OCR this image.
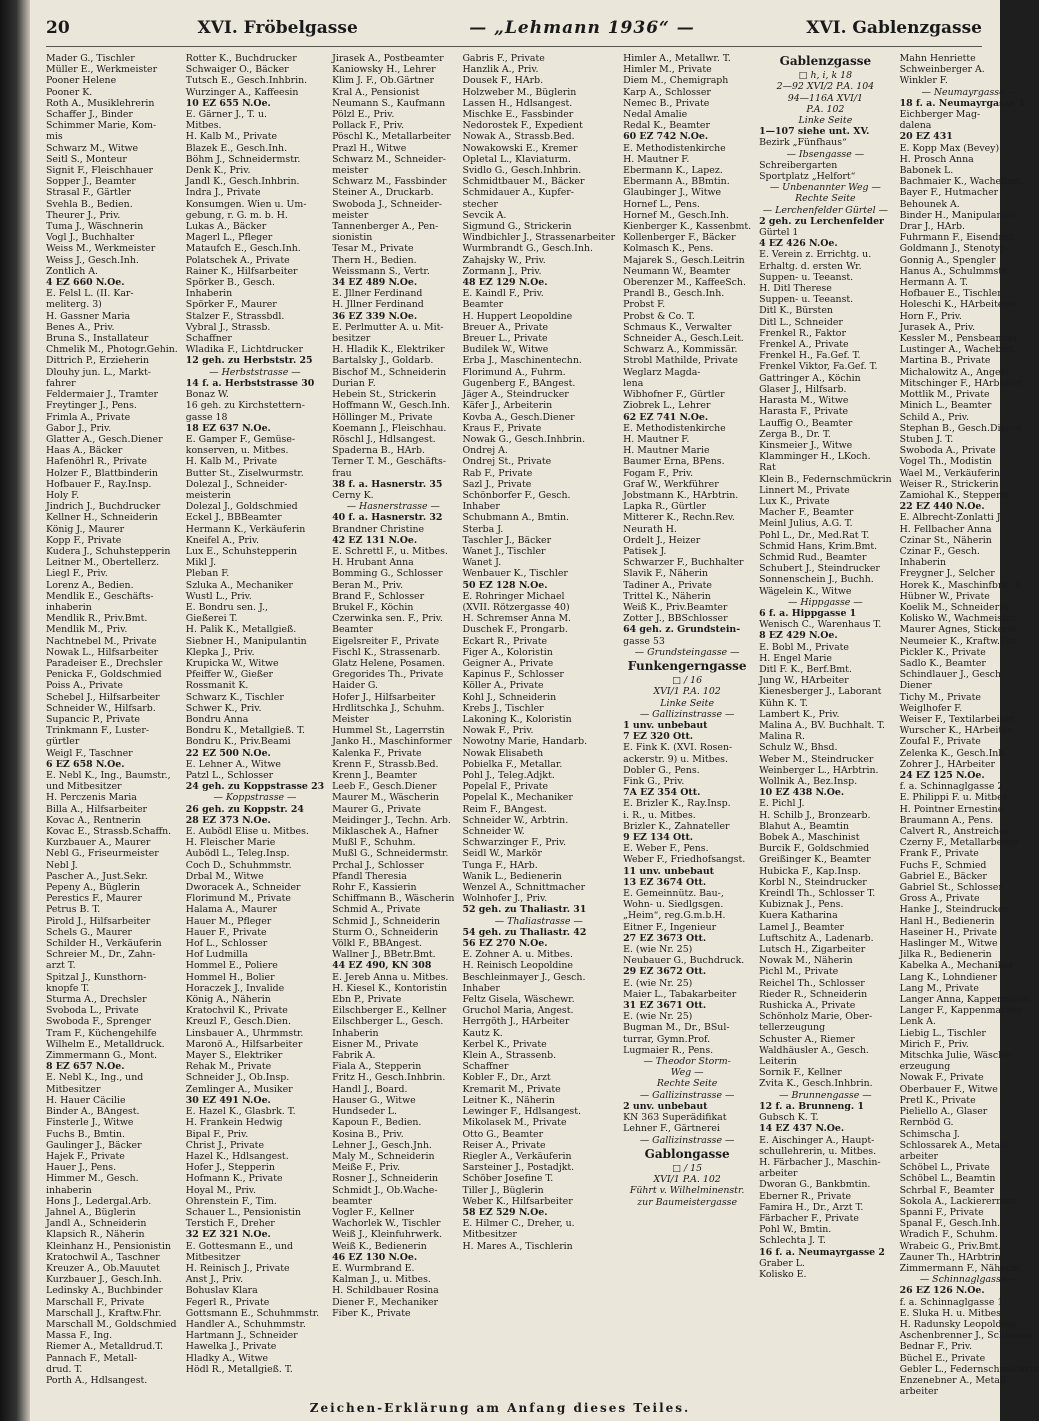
20	XVI. Fröbelgasse	— „Lehmann 1936“ —	XVI. Gablenzgasse
Mader G., Tischler
Müller E., Werkmeister
Pooner Helene
Pooner K.
Roth A., Musiklehrerin
Schaffer J., Binder
Schimmer Marie, Kom-
mis
Schwarz M., Witwe
Seitl S., Monteur
Signit F., Fleischhauer
Sopper J., Beamter
Strasal F., Gärtler
Svehla B., Bedien.
Theurer J., Priv.
Tuma J., Wäschnerin
Vogl J., Buchhalter
Weiss M., Werkmeister
Weiss J., Gesch.Inh.
Zontlich A.
4 EZ 660 N.Oe.
E. Felsl L. (II. Kar-
meliterg. 3)
H. Gassner Maria
Benes A., Priv.
Bruna S., Installateur
Chmelik M., Photogr.Gehin.
Dittrich P., Erzieherin
Dlouhy jun. L., Markt-
fahrer
Feldermaier J., Tramter
Freytinger J., Pens.
Frimla A., Private
Gabor J., Priv.
Glatter A., Gesch.Diener
Haas A., Bäcker
Hafenöhrl R., Private
Holzer F., Blattbinderin
Hofbauer F., Ray.Insp.
Holy F.
Jindrich J., Buchdrucker
Kellner H., Schneiderin
König J., Maurer
Kopp F., Private
Kudera J., Schuhstepperin
Leitner M., Obertellerz.
Liegl F., Priv.
Lorenz A., Bedien.
Mendlik E., Geschäfts-
inhaberin
Mendlik R., Priv.Bmt.
Mendlik M., Priv.
Nachtnebel M., Private
Nowak L., Hilfsarbeiter
Paradeiser E., Drechsler
Penicka F., Goldschmied
Poiss A., Private
Schebel J., Hilfsarbeiter
Schneider W., Hilfsarb.
Supancic P., Private
Trinkmann F., Luster-
gürtler
Weigl F., Taschner
6 EZ 658 N.Oe.
E. Nebl K., Ing., Baumstr.,
und Mitbesitzer
H. Perczenis Maria
Billa A., Hilfsarbeiter
Kovac A., Rentnerin
Kovac E., Strassb.Schaffn.
Kurzbauer A., Maurer
Nebl G., Friseurmeister
Nebl J.
Pascher A., Just.Sekr.
Pepeny A., Büglerin
Perestics F., Maurer
Petrus B. T.
Pirold J., Hilfsarbeiter
Schels G., Maurer
Schilder H., Verkäuferin
Schreier M., Dr., Zahn-
arzt T.
Spitzal J., Kunsthorn-
knopfe T.
Sturma A., Drechsler
Svoboda L., Private
Swoboda F., Sprenger
Tram F., Küchengehilfe
Wilhelm E., Metalldruck.
Zimmermann G., Mont.
8 EZ 657 N.Oe.
E. Nebl K., Ing., und
Mitbesitzer
H. Hauer Cäcilie
Binder A., BAngest.
Finsterle J., Witwe
Fuchs B., Bmtin.
Gaulinger J., Bäcker
Hajek F., Private
Hauer J., Pens.
Himmer M., Gesch.
inhaberin
Hons J., Ledergal.Arb.
Jahnel A., Büglerin
Jandl A., Schneiderin
Klapsich R., Näherin
Kleinhanz H., Pensionistin
Kratochwil A., Taschner
Kreuzer A., Ob.Mauutet
Kurzbauer J., Gesch.Inh.
Ledinsky A., Buchbinder
Marschall F., Private
Marschall J., Kraftw.Fhr.
Marschall M., Goldschmied
Massa F., Ing.
Riemer A., Metalldrud.T.
Pannach F., Metall-
drud. T.
Porth A., Hdlsangest.
Rotter K., Buchdrucker
Schwaiger O., Bäcker
Tutsch E., Gesch.Inhbrin.
Wurzinger A., Kaffeesin
10 EZ 655 N.Oe.
E. Gärner J., T. u.
Mitbes.
H. Kalb M., Private
Blazek E., Gesch.Inh.
Böhm J., Schneidermstr.
Denk K., Priv.
Jandl K., Gesch.Inhbrin.
Indra J., Private
Konsumgen. Wien u. Um-
gebung, r. G. m. b. H.
Lukas A., Bäcker
Magerl L., Pfleger
Mataufch E., Gesch.Inh.
Polatschek A., Private
Rainer K., Hilfsarbeiter
Spörker B., Gesch.
Inhaberin
Spörker F., Maurer
Stalzer F., Strassbdl.
Vybral J., Strassb.
Schaffner
Wladika F., Lichtdrucker
12 geh. zu Herbststr. 25
— Herbststrasse —
14 f. a. Herbststrasse 30
Bonaz W.
16 geh. zu Kirchstettern-
gasse 18
18 EZ 637 N.Oe.
E. Gamper F., Gemüse-
konserven, u. Mitbes.
H. Kalb M., Private
Butter St., Ziselwurmstr.
Dolezal J., Schneider-
meisterin
Dolezal J., Goldschmied
Eckel J., BBBeamter
Hermann K., Verkäuferin
Kneifel A., Priv.
Lux E., Schuhstepperin
Mikl J.
Pleban F.
Szluka A., Mechaniker
Wustl L., Priv.
E. Bondru sen. J.,
Gießerei T.
H. Palik K., Metallgieß.
Siebner H., Manipulantin
Klepka J., Priv.
Krupicka W., Witwe
Pfeiffer W., Gießer
Rossmanit K.
Schwarz K., Tischler
Schwer K., Priv.
Bondru Anna
Bondru K., Metallgieß. T.
Bondru K., Priv.Beami
22 EZ 500 N.Oe.
E. Lehner A., Witwe
Patzl L., Schlosser
24 geh. zu Koppstrasse 23
— Koppstrasse —
26 geh. zu Koppstr. 24
28 EZ 373 N.Oe.
E. Aubödl Elise u. Mitbes.
H. Fleischer Marie
Aubödl L., Teleg.Insp.
Coch D., Schuhmmstr.
Drbal M., Witwe
Dworacek A., Schneider
Florimund M., Private
Halama A., Maurer
Hauer M., Pfleger
Hauer F., Private
Hof L., Schlosser
Hof Ludmilla
Hommel E., Poliere
Hommel H., Bolier
Horaczek J., Invalide
König A., Näherin
Kratochvil K., Private
Kreuzl F., Gesch.Dien.
Linsbauer A., Uhrmmstr.
Maronö A., Hilfsarbeiter
Mayer S., Elektriker
Rehak M., Private
Schneider J., Ob.Insp.
Zemlinger A., Musiker
30 EZ 491 N.Oe.
E. Hazel K., Glasbrk. T.
H. Frankein Hedwig
Bipal F., Priv.
Christ J., Private
Hazel K., Hdlsangest.
Hofer J., Stepperin
Hofmann K., Private
Hoyal M., Priv.
Ohrenstein F., Tim.
Schauer L., Pensionistin
Terstich F., Dreher
32 EZ 321 N.Oe.
E. Gottesmann E., und
Mitbesitzer
H. Reinisch J., Private
Anst J., Priv.
Bohuslav Klara
Fegerl R., Private
Gottsmann E., Schuhmmstr.
Handler A., Schuhmmstr.
Hartmann J., Schneider
Hawelka J., Private
Hladky A., Witwe
Hödl R., Metallgieß. T.
Jirasek A., Postbeamter
Kaniowsky H., Lehrer
Klim J. F., Ob.Gärtner
Kral A., Pensionist
Neumann S., Kaufmann
Pölzl E., Priv.
Pollack F., Priv.
Pöschl K., Metallarbeiter
Prazl H., Witwe
Schwarz M., Schneider-
meister
Schwarz M., Fassbinder
Steiner A., Druckarb.
Swoboda J., Schneider-
meister
Tannenberger A., Pen-
sionistin
Tesar M., Private
Thern H., Bedien.
Weissmann S., Vertr.
34 EZ 489 N.Oe.
E. Jllner Ferdinand
H. Jllner Ferdinand
36 EZ 339 N.Oe.
E. Perlmutter A. u. Mit-
besitzer
H. Hladik K., Elektriker
Bartalsky J., Goldarb.
Bischof M., Schneiderin
Durian F.
Hebein St., Strickerin
Hoffmann W., Gesch.Inh.
Höllinger M., Private
Koemann J., Fleischhau.
Röschl J., Hdlsangest.
Spaderna B., HArb.
Terner T. M., Geschäfts-
frau
38 f. a. Hasnerstr. 35
Cerny K.
— Hasnerstrasse —
40 f. a. Hasnerstr. 32
Brandner Christine
42 EZ 131 N.Oe.
E. Schrettl F., u. Mitbes.
H. Hrubant Anna
Bomming G., Schlosser
Beran M., Priv.
Brand F., Schlosser
Brukel F., Köchin
Czerwinka sen. F., Priv.
Beamter
Eigelsreiter F., Private
Fischl K., Strassenarb.
Glatz Helene, Posamen.
Gregorides Th., Private
Haider G.
Hofer J., Hilfsarbeiter
Hrdlitschka J., Schuhm.
Meister
Hummel St., Lagerrstin
Janko H., Maschinformer
Kalenka F., Private
Krenn F., Strassb.Bed.
Krenn J., Beamter
Leeb F., Gesch.Diener
Maurer M., Wäscherin
Maurer G., Private
Meidinger J., Techn. Arb.
Miklaschek A., Hafner
Mußl F., Schuhm.
Mußl G., Schneidermstr.
Prchal J., Schlosser
Pfandl Theresia
Rohr F., Kassierin
Schiffmann B., Wäscherin
Schmid A., Private
Schmid J., Schneiderin
Sturm O., Schneiderin
Völkl F., BBAngest.
Wallner J., BBetr.Bmt.
44 EZ 490, KN 308
E. Jereb Anna u. Mitbes.
H. Kiesel K., Kontoristin
Ebn P., Private
Eilschberger E., Kellner
Eilschberger L., Gesch.
Inhaberin
Eisner M., Private
Fabrik A.
Fiala A., Stepperin
Fritz H., Gesch.Inhbrin.
Handl J., Board.
Hauser G., Witwe
Hundseder L.
Kapoun F., Bedien.
Kosina B., Priv.
Lehner J., Gesch.Jnh.
Maly M., Schneiderin
Meiße F., Priv.
Rosner J., Schneiderin
Schmidt J., Ob.Wache-
beamter
Vogler F., Kellner
Wachorlek W., Tischler
Weiß J., Kleinfuhrwerk.
Weiß K., Bedienerin
46 EZ 130 N.Oe.
E. Wurmbrand E.
Kalman J., u. Mitbes.
H. Schildbauer Rosina
Diener F., Mechaniker
Fiber K., Private
Gabris F., Private
Hanzlik A., Priv.
Dousek F., HArb.
Holzweber M., Büglerin
Lassen H., Hdlsangest.
Mischke E., Fassbinder
Nedorostek F., Expedient
Nowak A., Strassb.Bed.
Nowakowski E., Kremer
Opletal L., Klaviaturm.
Svidlo G., Gesch.Inhbrin.
Schmidtbauer M., Bäcker
Schmidauer A., Kupfer-
stecher
Sevcik A.
Sigmund G., Strickerin
Windbichler J., Strassenarbeiter
Wurmbrandt G., Gesch.Inh.
Zahajsky W., Priv.
Zormann J., Priv.
48 EZ 129 N.Oe.
E. Kaindl F., Priv.
Beamter
H. Huppert Leopoldine
Breuer A., Private
Breuer L., Private
Budilek W., Witwe
Erba J., Maschinentechn.
Florimund A., Fuhrm.
Gugenberg F., BAngest.
Jäger A., Steindrucker
Käfer J., Arbeiterin
Kovba A., Gesch.Diener
Kraus F., Private
Nowak G., Gesch.Inhbrin.
Ondrej A.
Ondrej St., Private
Rab F., Private
Sazl J., Private
Schönborfer F., Gesch.
Inhaber
Schubmann A., Bmtin.
Sterba J.
Taschler J., Bäcker
Wanet J., Tischler
Wanet J.
Wenbauer K., Tischler
50 EZ 128 N.Oe.
E. Rohringer Michael
(XVII. Rötzergasse 40)
H. Schremser Anna M.
Duschek F., Prongarb.
Eckart R., Private
Figer A., Koloristin
Geigner A., Private
Kapinus F., Schlosser
Köller A., Private
Kohl J., Schneiderin
Krebs J., Tischler
Lakoning K., Koloristin
Nowak F., Priv.
Nowotny Marie, Handarb.
Nowak Elisabeth
Pobielka F., Metallar.
Pohl J., Teleg.Adjkt.
Popelal F., Private
Popelal K., Mechaniker
Reim F., BAngest.
Schneider W., Arbtrin.
Schneider W.
Schwarzinger F., Priv.
Seidl W., Markör
Tunga F., HArb.
Wanik L., Bedienerin
Wenzel A., Schnittmacher
Wolnhofer J., Priv.
52 geh. zu Thaliastr. 31
— Thaliastrasse —
54 geh. zu Thaliastr. 42
56 EZ 270 N.Oe.
E. Zohner A. u. Mitbes.
H. Reinisch Leopoldine
Beschleinmayer J., Gesch.
Inhaber
Feltz Gisela, Wäschewr.
Gruchol Maria, Angest.
Herrgöth J., HArbeiter
Kautz K.
Kerbel K., Private
Klein A., Strassenb.
Schaffner
Kobler F., Dr., Arzt
Kremarit M., Private
Leitner K., Näherin
Lewinger F., Hdlsangest.
Mikolasek M., Private
Otto G., Beamter
Reiser A., Private
Riegler A., Verkäuferin
Sarsteiner J., Postadjkt.
Schöber Josefine T.
Tiller J., Büglerin
Weber K., Hilfsarbeiter
58 EZ 529 N.Oe.
E. Hilmer C., Dreher, u.
Mitbesitzer
H. Mares A., Tischlerin
Himler A., Metallwr. T.
Himler M., Private
Diem M., Chemigraph
Karp A., Schlosser
Nemec B., Private
Nedal Amalie
Redal K., Beamter
60 EZ 742 N.Oe.
E. Methodistenkirche
H. Mautner F.
Ebermann K., Lapez.
Ebermann A., BBmtin.
Glaubinger J., Witwe
Hornef L., Pens.
Hornef M., Gesch.Inh.
Kienberger K., Kassenbmt.
Kollenberger F., Bäcker
Kolmasch K., Pens.
Majarek S., Gesch.Leitrin
Neumann W., Beamter
Oberenzer M., KaffeeSch.
Prandl B., Gesch.Inh.
Probst F.
Probst & Co. T.
Schmaus K., Verwalter
Schneider A., Gesch.Leit.
Schwarz A., Kommissär.
Strobl Mathilde, Private
Weglarz Magda-
lena
Wibhofner F., Gürtler
Ziobrek L., Lehrer
62 EZ 741 N.Oe.
E. Methodistenkirche
H. Mautner F.
H. Mautner Marie
Baumer Erna, BPens.
Fogam F., Priv.
Graf W., Werkführer
Jobstmann K., HArbtrin.
Lapka R., Gürtler
Mitterer K., Rechn.Rev.
Neurath H.
Ordelt J., Heizer
Patisek J.
Schwarzer F., Buchhalter
Slavik F., Näherin
Tadiner A., Private
Trittel K., Näherin
Weiß K., Priv.Beamter
Zotter J., BBSchlosser
64 geh. z. Grundstein-
gasse 53
— Grundsteingasse —
Funkengerngasse
□ / 16
XVI/1 P.A. 102
Linke Seite
— Gallizinstrasse —
1 unv. unbebaut
7 EZ 320 Ott.
E. Fink K. (XVI. Rosen-
ackerstr. 9) u. Mitbes.
Dobler G., Pens.
Fink G., Priv.
7A EZ 354 Ott.
E. Brizler K., Ray.Insp.
i. R., u. Mitbes.
Brizler K., Zahnateller
9 EZ 134 Ott.
E. Weber F., Pens.
Weber F., Friedhofsangst.
11 unv. unbebaut
13 EZ 3674 Ott.
E. Gemeinnütz. Bau-,
Wohn- u. Siedlgsgen.
„Heim“, reg.G.m.b.H.
Eitner F., Ingenieur
27 EZ 3673 Ott.
E. (wie Nr. 25)
Neubauer G., Buchdruck.
29 EZ 3672 Ott.
E. (wie Nr. 25)
Maier L., Tabakarbeiter
31 EZ 3671 Ott.
E. (wie Nr. 25)
Bugman M., Dr., BSul-
turrar, Gymn.Prof.
Lugmaier R., Pens.
— Theodor Storm-
Weg —
Rechte Seite
— Gallizinstrasse —
2 unv. unbebaut
KN 363 Superädifikat
Lehner F., Gärtnerei
— Gallizinstrasse —
Gablongasse
□ / 15
XVI/1 P.A. 102
Führt v. Wilhelminenstr.
zur Baumeistergasse
Gablenzgasse
□ h, i, k 18
2—92 XVI/2 P.A. 104
94—116A XVI/1
P.A. 102
Linke Seite
1—107 siehe unt. XV.
Bezirk „Fünfhaus“
— Ibsengasse —
Schreibergarten
Sportplatz „Helfort“
— Unbenannter Weg —
Rechte Seite
— Lerchenfelder Gürtel —
2 geh. zu Lerchenfelder
Gürtel 1
4 EZ 426 N.Oe.
E. Verein z. Errichtg. u.
Erhaltg. d. ersten Wr.
Suppen- u. Teeanst.
H. Ditl Therese
Suppen- u. Teeanst.
Ditl K., Bürsten
Ditl L., Schneider
Frenkel R., Faktor
Frenkel A., Private
Frenkel H., Fa.Gef. T.
Frenkel Viktor, Fa.Gef. T.
Gattringer A., Köchin
Glaser J., Hilfsarb.
Harasta M., Witwe
Harasta F., Private
Lauffig O., Beamter
Zerga B., Dr. T.
Kinsmeier J., Witwe
Klamminger H., LKoch.
Rat
Klein B., Federnschmückrin
Linnert M., Private
Lux K., Private
Macher F., Beamter
Meinl Julius, A.G. T.
Pohl L., Dr., Med.Rat T.
Schmid Hans, Krim.Bmt.
Schmid Rud., Beamter
Schubert J., Steindrucker
Sonnenschein J., Buchh.
Wägelein K., Witwe
— Hippgasse —
6 f. a. Hippgasse 1
Wenisch C., Warenhaus T.
8 EZ 429 N.Oe.
E. Bobl M., Private
H. Engel Marie
Ditl F. K., Berf.Bmt.
Jung W., HArbeiter
Kienesberger J., Laborant
Kühn K. T.
Lambert K., Priv.
Malina A., BV. Buchhalt. T.
Malina R.
Schulz W., Bhsd.
Weber M., Steindrucker
Weinberger L., HArbtrin.
Wollnik A., Bez.Insp.
10 EZ 438 N.Oe.
E. Pichl J.
H. Schilb J., Bronzearb.
Blahut A., Beamtin
Bobek A., Maschinist
Burcik F., Goldschmied
Greißinger K., Beamter
Hubicka F., Kap.Insp.
Korbl N., Steindrucker
Kreindl Th., Schlosser T.
Kubiznak J., Pens.
Kuera Katharina
Lamel J., Beamter
Luftschitz A., Ladenarb.
Lutsch H., Zigarbeiter
Nowak M., Näherin
Pichl M., Private
Reichel Th., Schlosser
Rieder R., Schneiderin
Rushicka A., Private
Schönholz Marie, Ober-
tellerzeugung
Schuster A., Riemer
Waldhäusler A., Gesch.
Leiterin
Sornik F., Kellner
Zvita K., Gesch.Inhbrin.
— Brunnengasse —
12 f. a. Brunneng. 1
Gubsch K. T.
14 EZ 437 N.Oe.
E. Aischinger A., Haupt-
schullehrerin, u. Mitbes.
H. Färbacher J., Maschin-
arbeiter
Dworan G., Bankbmtin.
Eberner R., Private
Famira H., Dr., Arzt T.
Färbacher F., Private
Pohl W., Bmtin.
Schlechta J. T.
16 f. a. Neumayrgasse 2
Graber L.
Kolisko E.
Mahn Henriette
Schweinberger A.
Winkler F.
— Neumayrgasse —
18 f. a. Neumayrgasse 1
Eichberger Mag-
dalena
20 EZ 431
E. Kopp Max (Bevey)
H. Prosch Anna
Babonek L.
Bachmaier K., Wachebmt.
Bayer F., Hutmacher
Behounek A.
Binder H., Manipulantin
Drar J., HArb.
Fuhrmann F., Eisendreh.
Goldmann J., Stenotyp.
Gonnig A., Spengler
Hanus A., Schulmmstr.
Hermann A. T.
Hofbauer E., Tischler
Holeschi K., HArbeiterin
Horn F., Priv.
Jurasek A., Priv.
Kessler M., Pensbeamter
Lustinger A., Wachebmt.
Martina B., Private
Michalowitz A., Angest.
Mitschinger F., HArbeiter
Mottlik M., Private
Minich L., Beamter
Schild A., Priv.
Stephan B., Gesch.Diener
Stuben J. T.
Swoboda A., Private
Vogel Th., Modistin
Wael M., Verkäuferin
Weiser R., Strickerin
Zamiohal K., Stepperin
22 EZ 440 N.Oe.
E. Albrecht-Zonlatti J.
H. Fellbacher Anna
Czinar St., Näherin
Czinar F., Gesch.
Inhaberin
Freygner J., Selcher
Horek K., Maschinfbrk. T.
Hübner W., Private
Koelik M., Schneiderin
Kolisko W., Wachmeister
Maurer Agnes, Stickerei
Neumeier K., Kraftw.Fhr.
Pickler K., Private
Sadlo K., Beamter
Schindlauer J., Gesch.
Diener
Tichy M., Private
Weiglhofer F.
Weiser F., Textilarbeiter
Wurscher K., HArbeiter
Zoufal F., Private
Zelenka K., Gesch.Inh.
Zohrer J., HArbeiter
24 EZ 125 N.Oe.
f. a. Schinnaglgasse 2
E. Philippi F. u. Mitbes.
H. Pointner Ernestine
Braumann A., Pens.
Calvert R., Anstreicher
Czerny F., Metallarbeiter
Frank F., Private
Fuchs F., Schmied
Gabriel E., Bäcker
Gabriel St., Schlosser
Gross A., Private
Hanke J., Steindrucker
Hanl H., Bedienerin
Haseiner H., Private
Haslinger M., Witwe
Jilka R., Bedienerin
Kabelka A., Mechaniker
Lang K., Lohndiener
Lang M., Private
Langer Anna, Kappenmach.
Langer F., Kappenmacher
Lenk A.
Liebig L., Tischler
Mirich F., Priv.
Mitschka Julie, Wäsche-
erzeugung
Nowak F., Private
Oberbauer F., Witwe
Pretl K., Private
Pieliello A., Glaser
Rernböd G.
Schimscha J.
Schlossarek A., Metall-
arbeiter
Schöbel L., Private
Schöbel L., Beamtin
Schrbal F., Beamter
Sokola A., Lackierermstr.
Spanni F., Private
Spanal F., Gesch.Inh.
Wradich F., Schuhm.
Wrabeic G., Priv.Bmt.
Zauner Th., HArbtrin.
Zimmermann F., Näherin
— Schinnaglgasse —
26 EZ 126 N.Oe.
f. a. Schinnaglgasse 1
E. Sluka H. u. Mitbes.
H. Radunsky Leopoldine
Aschenbrenner J., Schlosser
Bednar F., Priv.
Büchel E., Private
Gebler L., Federnschmückrin
Enzenebner A., Metall-
arbeiter
Zeichen-Erklärung am Anfang dieses Teiles.
